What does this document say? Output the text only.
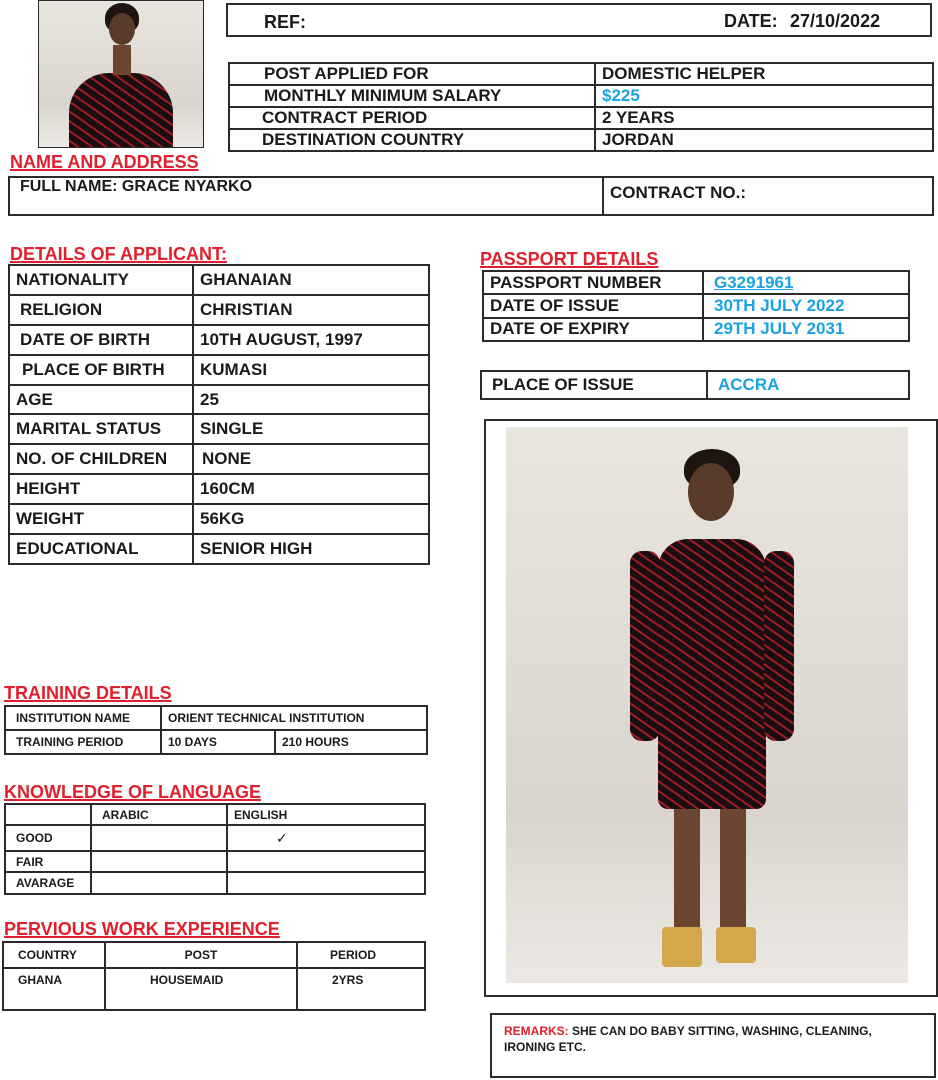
REF:	DATE: 27/10/2022
POST APPLIED FOR	DOMESTIC HELPER
MONTHLY MINIMUM SALARY	$225
CONTRACT PERIOD	2 YEARS
DESTINATION COUNTRY	JORDAN
NAME AND ADDRESS
FULL NAME: GRACE NYARKO	CONTRACT NO.:
DETAILS OF APPLICANT:
NATIONALITY	GHANAIAN
RELIGION	CHRISTIAN
DATE OF BIRTH	10TH AUGUST, 1997
PLACE OF BIRTH	KUMASI
AGE	25
MARITAL STATUS	SINGLE
NO. OF CHILDREN	NONE
HEIGHT	160CM
WEIGHT	56KG
EDUCATIONAL	SENIOR HIGH
PASSPORT DETAILS
PASSPORT NUMBER	G3291961
DATE OF ISSUE	30TH JULY 2022
DATE OF EXPIRY	29TH JULY 2031
PLACE OF ISSUE	ACCRA
TRAINING DETAILS
INSTITUTION NAME	ORIENT TECHNICAL INSTITUTION	
TRAINING PERIOD	10 DAYS	210 HOURS
KNOWLEDGE OF LANGUAGE
	ARABIC	ENGLISH
GOOD		✓
FAIR		
AVARAGE		
PERVIOUS WORK EXPERIENCE
COUNTRY	POST	PERIOD
GHANA	HOUSEMAID	2YRS
REMARKS: SHE CAN DO BABY SITTING, WASHING, CLEANING, IRONING ETC.
